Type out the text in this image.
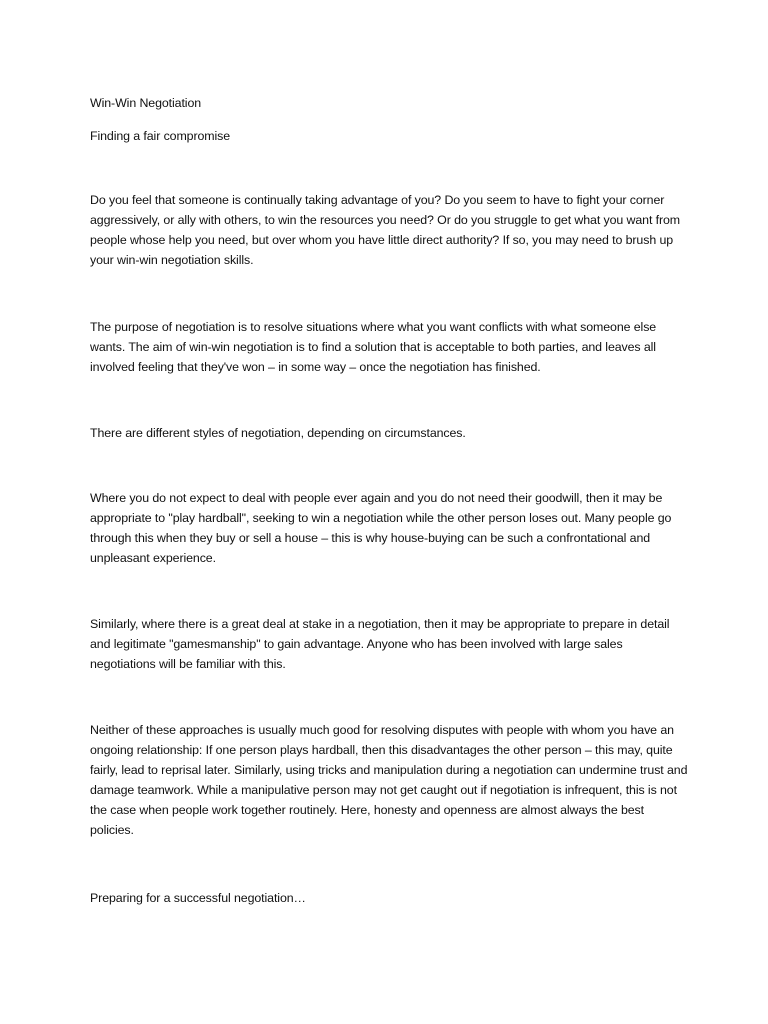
Win-Win Negotiation

Finding a fair compromise

Do you feel that someone is continually taking advantage of you? Do you seem to have to fight your corner aggressively, or ally with others, to win the resources you need? Or do you struggle to get what you want from people whose help you need, but over whom you have little direct authority? If so, you may need to brush up your win-win negotiation skills.

The purpose of negotiation is to resolve situations where what you want conflicts with what someone else wants. The aim of win-win negotiation is to find a solution that is acceptable to both parties, and leaves all involved feeling that they've won – in some way – once the negotiation has finished.

There are different styles of negotiation, depending on circumstances.

Where you do not expect to deal with people ever again and you do not need their goodwill, then it may be appropriate to "play hardball", seeking to win a negotiation while the other person loses out. Many people go through this when they buy or sell a house – this is why house-buying can be such a confrontational and unpleasant experience.

Similarly, where there is a great deal at stake in a negotiation, then it may be appropriate to prepare in detail and legitimate "gamesmanship" to gain advantage. Anyone who has been involved with large sales negotiations will be familiar with this.

Neither of these approaches is usually much good for resolving disputes with people with whom you have an ongoing relationship: If one person plays hardball, then this disadvantages the other person – this may, quite fairly, lead to reprisal later. Similarly, using tricks and manipulation during a negotiation can undermine trust and damage teamwork. While a manipulative person may not get caught out if negotiation is infrequent, this is not the case when people work together routinely. Here, honesty and openness are almost always the best policies.

Preparing for a successful negotiation…
